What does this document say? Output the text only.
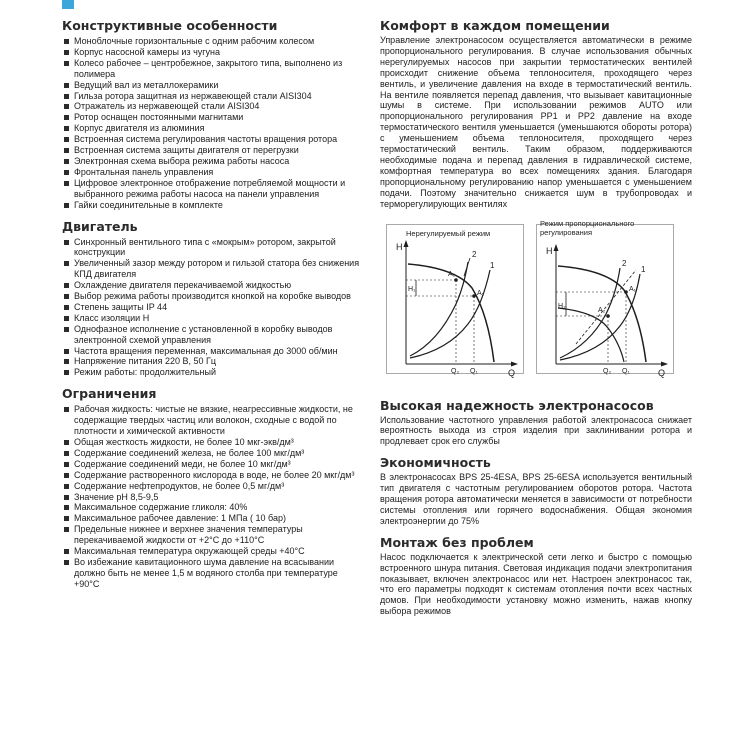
Конструктивные особенности
Моноблочные горизонтальные с одним рабочим колесом
Корпус насосной камеры из чугуна
Колесо рабочее – центробежное, закрытого типа, выполнено из полимера
Ведущий вал из металлокерамики
Гильза ротора защитная из нержавеющей стали AISI304
Отражатель из нержавеющей стали AISI304
Ротор оснащен постоянными магнитами
Корпус двигателя из алюминия
Встроенная система регулирования частоты вращения ротора
Встроенная система защиты двигателя от перегрузки
Электронная схема выбора режима работы насоса
Фронтальная панель управления
Цифровое электронное отображение потребляемой мощности и выбранного режима работы насоса на панели управления
Гайки соединительные в комплекте
Двигатель
Синхронный вентильного типа с «мокрым» ротором, закрытой конструкции
Увеличенный зазор между ротором и гильзой статора без снижения КПД двигателя
Охлаждение двигателя перекачиваемой жидкостью
Выбор режима работы производится кнопкой на коробке выводов
Степень защиты IP 44
Класс изоляции H
Однофазное исполнение с установленной в коробку выводов электронной схемой управления
Частота вращения переменная, максимальная до 3000 об/мин
Напряжение питания 220 В, 50 Гц
Режим работы: продолжительный
Ограничения
Рабочая жидкость: чистые не вязкие, неагрессивные жидкости, не содержащие твердых частиц или волокон, сходные с водой по плотности и химической активности
Общая жесткость жидкости, не более 10 мкг-экв/дм³
Содержание соединений железа, не более 100 мкг/дм³
Содержание соединений меди, не более 10 мкг/дм³
Содержание растворенного кислорода в воде, не более 20 мкг/дм³
Содержание нефтепродуктов, не более 0,5 мг/дм³
Значение pH 8,5-9,5
Максимальное содержание гликоля: 40%
Максимальное рабочее давление: 1 МПа ( 10 бар)
Предельные нижнее и верхнее значения температуры перекачиваемой жидкости от +2°С до +110°С
Максимальная температура окружающей среды +40°С
Во избежание кавитационного шума давление на всасывании должно быть не менее 1,5 м водяного столба при температуре +90°С
Комфорт в каждом помещении

Управление электронасосом осуществляется автоматически в режиме пропорционального регулирования. В случае использования обычных нерегулируемых насосов при закрытии термостатических вентилей происходит снижение объема теплоносителя, проходящего через вентиль, и увеличение давления на входе в термостатический вентиль. На вентиле появляется перепад давления, что вызывает кавитационные шумы в системе. При использовании режимов AUTO или пропорционального регулирования PP1 и PP2 давление на входе термостатического вентиля уменьшается (уменьшаются обороты ротора) с уменьшением объема теплоносителя, проходящего через термостатический вентиль. Таким образом, поддерживаются необходимые подача и перепад давления в гидравлической системе, комфортная температура во всех помещениях здания. Благодаря пропорциональному регулированию напор уменьшается с уменьшением подачи. Поэтому значительно снижается шум в трубопроводах и терморегулирующих вентилях

Нерегулируемый режим
H
Q
H₁
A₂
A₁
Q₂ Q₁
2
1
Режим пропорционального регулирования
H
Q
H₂
A₂
A₁
Q₂ Q₁
2
1
Высокая надежность электронасосов

Использование частотного управления работой электронасоса снижает вероятность выхода из строя изделия при заклинивании ротора и продлевает срок его службы

Экономичность

В электронасосах BPS 25-4ESA, BPS 25-6ESA используется вентильный тип двигателя с частотным регулированием оборотов ротора. Частота вращения ротора автоматически меняется в зависимости от потребности системы отопления или горячего водоснабжения. Общая экономия электроэнергии до 75%

Монтаж без проблем

Насос подключается к электрической сети легко и быстро с помощью встроенного шнура питания. Световая индикация подачи электропитания показывает, включен электронасос или нет. Настроен электронасос так, что его параметры подходят к системам отопления почти всех частных домов. При необходимости установку можно изменить, нажав кнопку выбора режимов
